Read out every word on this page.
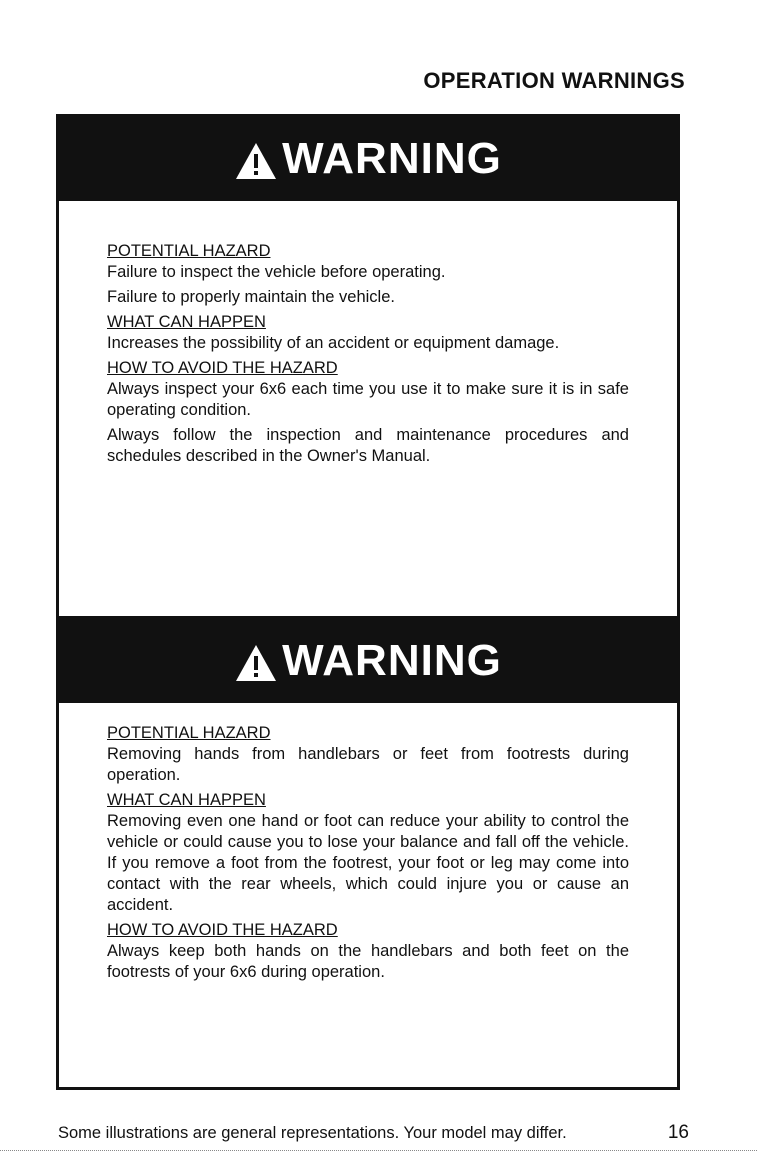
OPERATION WARNINGS
WARNING

POTENTIAL HAZARD

Failure to inspect the vehicle before operating.

Failure to properly maintain the vehicle.

WHAT CAN HAPPEN

Increases the possibility of an accident or equipment damage.

HOW TO AVOID THE HAZARD

Always inspect your 6x6 each time you use it to make sure it is in safe operating condition.

Always follow the inspection and maintenance procedures and schedules described in the Owner's Manual.

WARNING

POTENTIAL HAZARD

Removing hands from handlebars or feet from footrests during operation.

WHAT CAN HAPPEN

Removing even one hand or foot can reduce your ability to control the vehicle or could cause you to lose your balance and fall off the vehicle. If you remove a foot from the footrest, your foot or leg may come into contact with the rear wheels, which could injure you or cause an accident.

HOW TO AVOID THE HAZARD

Always keep both hands on the handlebars and both feet on the footrests of your 6x6 during operation.

Some illustrations are general representations. Your model may differ.	16
